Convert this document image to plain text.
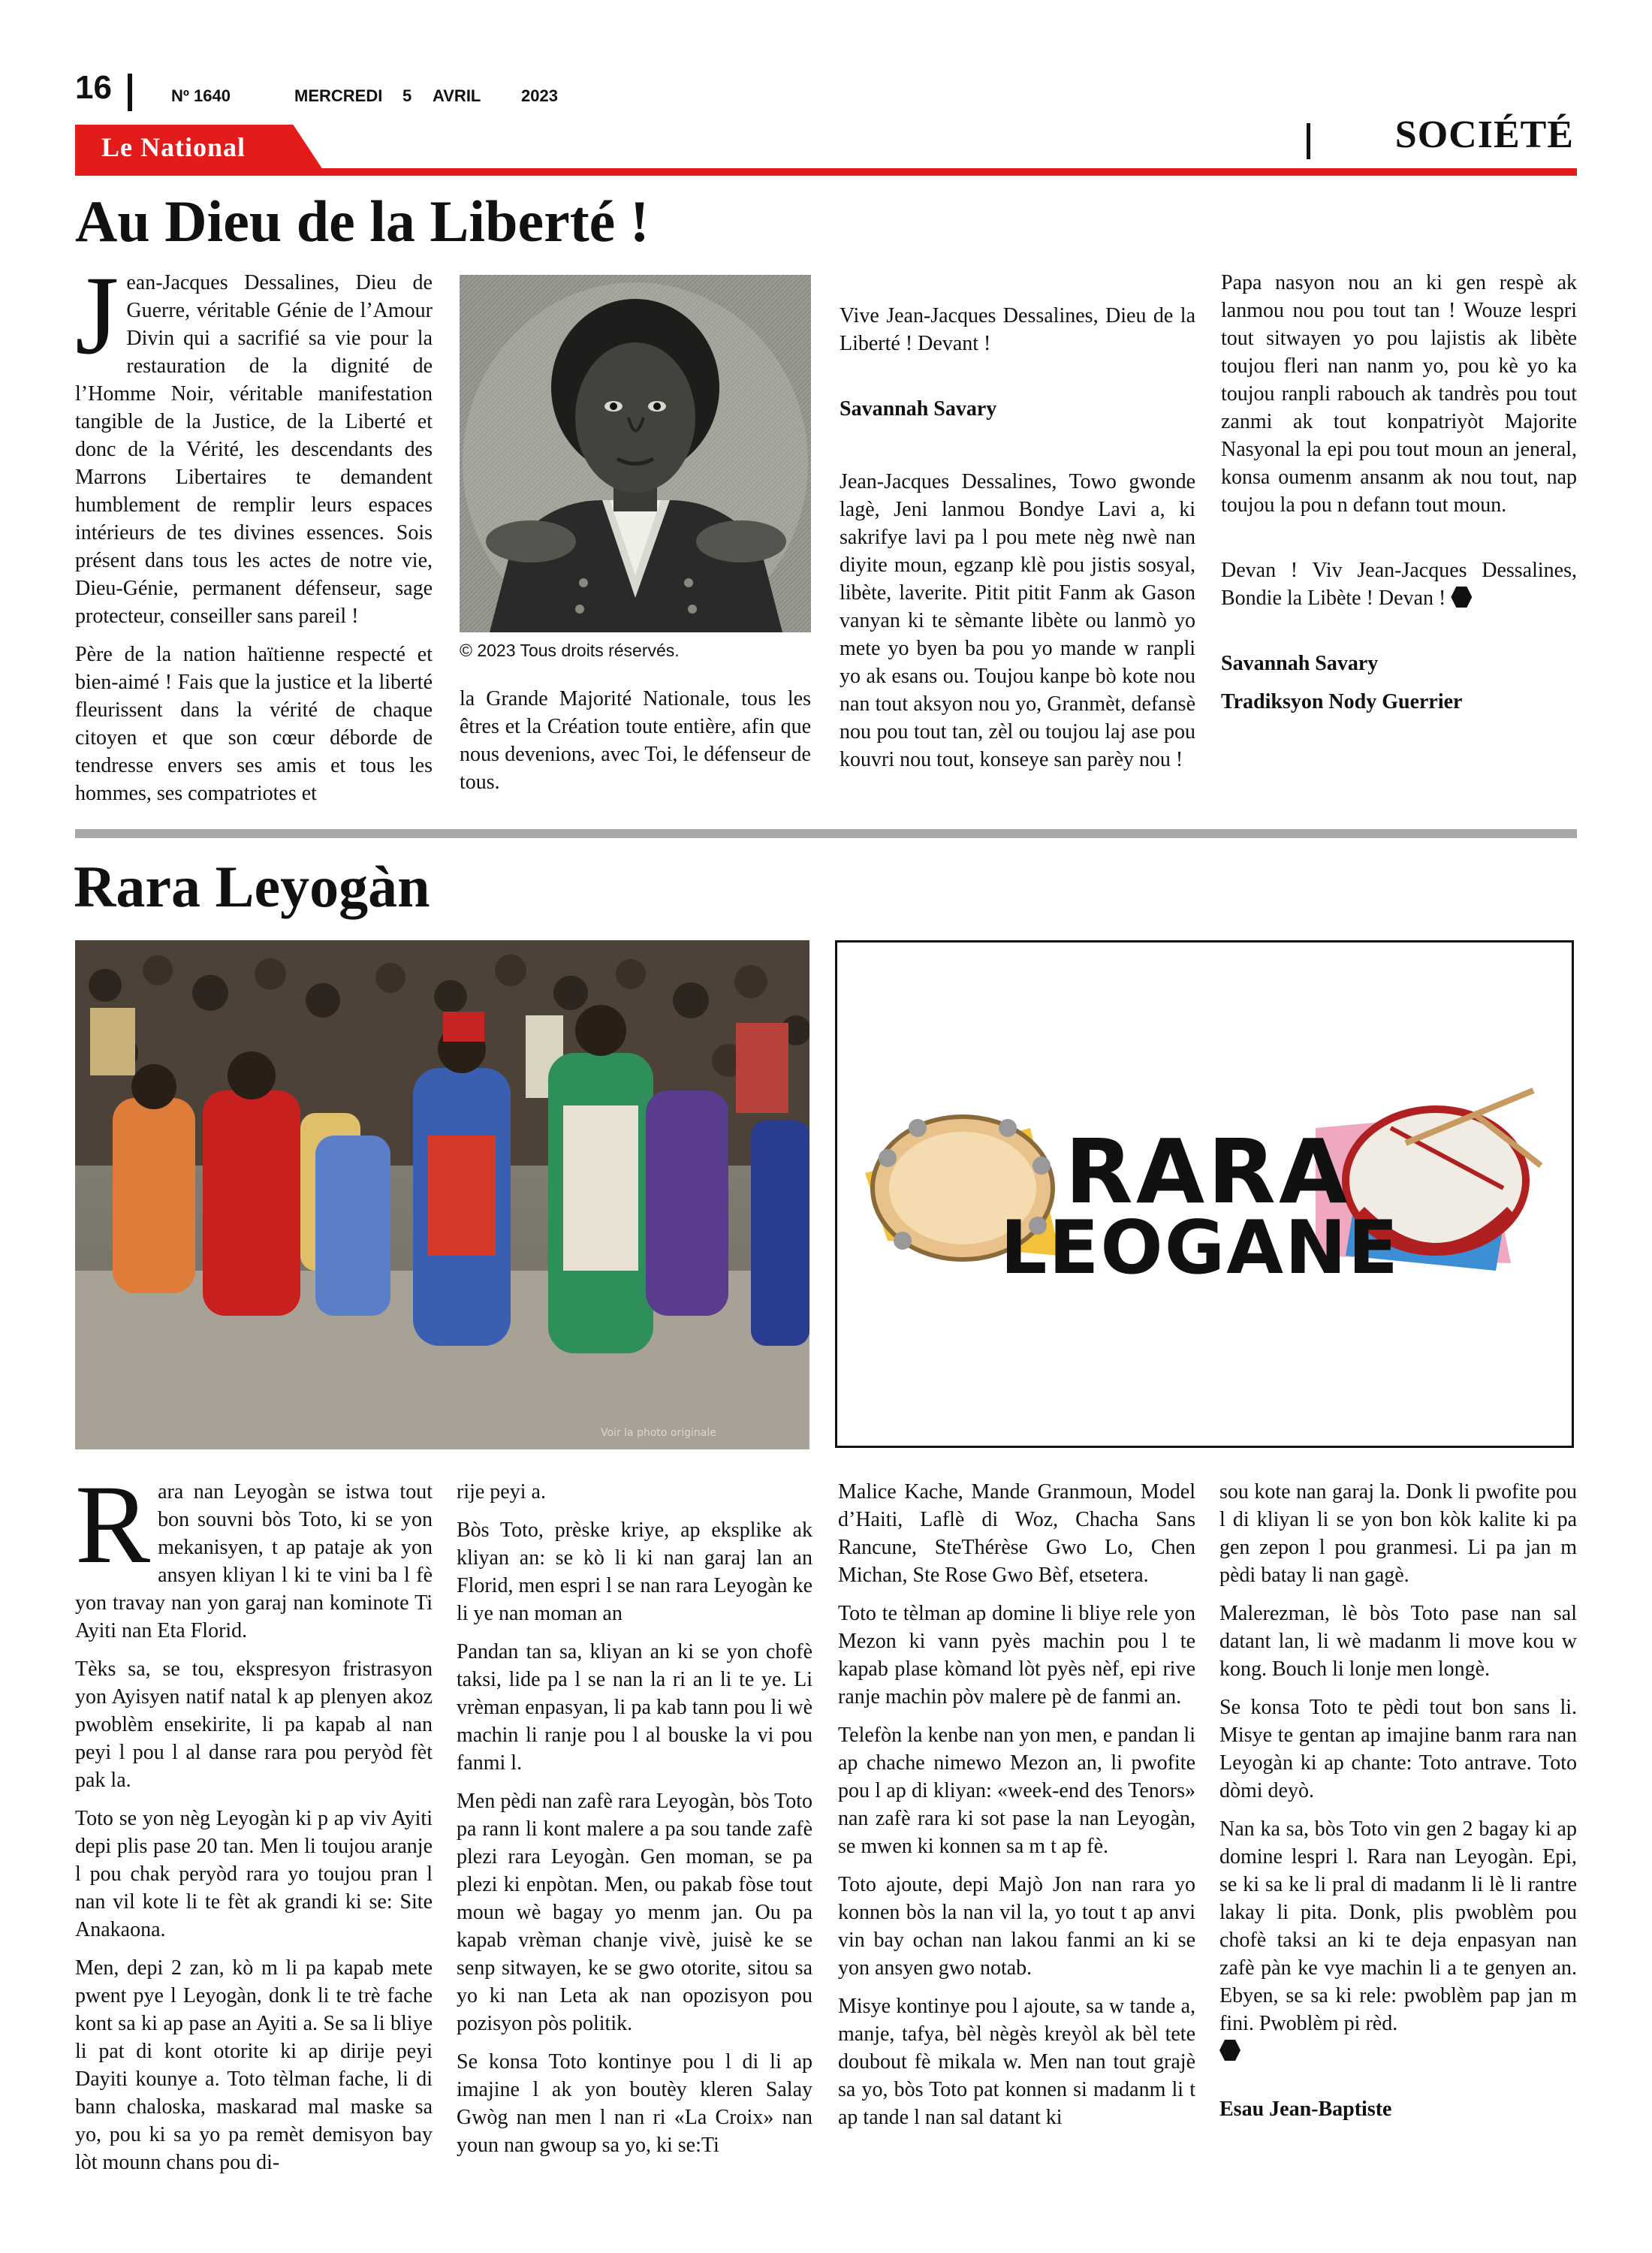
16	Nº 1640	MERCREDI 5 AVRIL 2023
Le National	SOCIÉTÉ
Au Dieu de la Liberté !

Jean-Jacques Dessalines, Dieu de Guerre, véritable Génie de l’Amour Divin qui a sacrifié sa vie pour la restauration de la dignité de l’Homme Noir, véritable manifestation tangible de la Justice, de la Liberté et donc de la Vérité, les descendants des Marrons Libertaires te demandent humblement de remplir leurs espaces intérieurs de tes divines essences. Sois présent dans tous les actes de notre vie, Dieu-Génie, permanent défenseur, sage protecteur, conseiller sans pareil !

Père de la nation haïtienne respecté et bien-aimé ! Fais que la justice et la liberté fleurissent dans la vérité de chaque citoyen et que son cœur déborde de tendresse envers ses amis et tous les hommes, ses compatriotes et

© 2023 Tous droits réservés.

la Grande Majorité Nationale, tous les êtres et la Création toute entière, afin que nous devenions, avec Toi, le défenseur de tous.

Vive Jean-Jacques Dessalines, Dieu de la Liberté ! Devant !

Savannah Savary

Jean-Jacques Dessalines, Towo gwonde lagè, Jeni lanmou Bondye Lavi a, ki sakrifye lavi pa l pou mete nèg nwè nan diyite moun, egzanp klè pou jistis sosyal, libète, laverite. Pitit pitit Fanm ak Gason vanyan ki te sèmante libète ou lanmò yo mete yo byen ba pou yo mande w ranpli yo ak esans ou. Toujou kanpe bò kote nou nan tout aksyon nou yo, Granmèt, defansè nou pou tout tan, zèl ou toujou laj ase pou kouvri nou tout, konseye san parèy nou !

Papa nasyon nou an ki gen respè ak lanmou nou pou tout tan ! Wouze lespri tout sitwayen yo pou lajistis ak libète toujou fleri nan nanm yo, pou kè yo ka toujou ranpli rabouch ak tandrès pou tout zanmi ak tout konpatriyòt Majorite Nasyonal la epi pou tout moun an jeneral, konsa oumenm ansanm ak nou tout, nap toujou la pou n defann tout moun.

Devan ! Viv Jean-Jacques Dessalines, Bondie la Libète ! Devan !

Savannah Savary

Tradiksyon Nody Guerrier

Rara Leyogàn
Voir la photo originale
RARA
LEOGANE

Rara nan Leyogàn se istwa tout bon souvni bòs Toto, ki se yon mekanisyen, t ap pataje ak yon ansyen kliyan l ki te vini ba l fè yon travay nan yon garaj nan kominote Ti Ayiti nan Eta Florid.

Tèks sa, se tou, ekspresyon fristrasyon yon Ayisyen natif natal k ap plenyen akoz pwoblèm ensekirite, li pa kapab al nan peyi l pou l al danse rara pou peryòd fèt pak la.

Toto se yon nèg Leyogàn ki p ap viv Ayiti depi plis pase 20 tan. Men li toujou aranje l pou chak peryòd rara yo toujou pran l nan vil kote li te fèt ak grandi ki se: Site Anakaona.

Men, depi 2 zan, kò m li pa kapab mete pwent pye l Leyogàn, donk li te trè fache kont sa ki ap pase an Ayiti a. Se sa li bliye li pat di kont otorite ki ap dirije peyi Dayiti kounye a. Toto tèlman fache, li di bann chaloska, maskarad mal maske sa yo, pou ki sa yo pa remèt demisyon bay lòt mounn chans pou di-

rije peyi a.

Bòs Toto, prèske kriye, ap eksplike ak kliyan an: se kò li ki nan garaj lan an Florid, men espri l se nan rara Leyogàn ke li ye nan moman an

Pandan tan sa, kliyan an ki se yon chofè taksi, lide pa l se nan la ri an li te ye. Li vrèman enpasyan, li pa kab tann pou li wè machin li ranje pou l al bouske la vi pou fanmi l.

Men pèdi nan zafè rara Leyogàn, bòs Toto pa rann li kont malere a pa sou tande zafè plezi rara Leyogàn. Gen moman, se pa plezi ki enpòtan. Men, ou pakab fòse tout moun wè bagay yo menm jan. Ou pa kapab vrèman chanje vivè, juisè ke se senp sitwayen, ke se gwo otorite, sitou sa yo ki nan Leta ak nan opozisyon pou pozisyon pòs politik.

Se konsa Toto kontinye pou l di li ap imajine l ak yon boutèy kleren Salay Gwòg nan men l nan ri «La Croix» nan youn nan gwoup sa yo, ki se:Ti

Malice Kache, Mande Granmoun, Model d’Haiti, Laflè di Woz, Chacha Sans Rancune, SteThérèse Gwo Lo, Chen Michan, Ste Rose Gwo Bèf, etsetera.

Toto te tèlman ap domine li bliye rele yon Mezon ki vann pyès machin pou l te kapab plase kòmand lòt pyès nèf, epi rive ranje machin pòv malere pè de fanmi an.

Telefòn la kenbe nan yon men, e pandan li ap chache nimewo Mezon an, li pwofite pou l ap di kliyan: «week-end des Tenors» nan zafè rara ki sot pase la nan Leyogàn, se mwen ki konnen sa m t ap fè.

Toto ajoute, depi Majò Jon nan rara yo konnen bòs la nan vil la, yo tout t ap anvi vin bay ochan nan lakou fanmi an ki se yon ansyen gwo notab.

Misye kontinye pou l ajoute, sa w tande a, manje, tafya, bèl nègès kreyòl ak bèl tete doubout fè mikala w. Men nan tout grajè sa yo, bòs Toto pat konnen si madanm li t ap tande l nan sal datant ki

sou kote nan garaj la. Donk li pwofite pou l di kliyan li se yon bon kòk kalite ki pa gen zepon l pou granmesi. Li pa jan m pèdi batay li nan gagè.

Malerezman, lè bòs Toto pase nan sal datant lan, li wè madanm li move kou w kong. Bouch li lonje men longè.

Se konsa Toto te pèdi tout bon sans li. Misye te gentan ap imajine banm rara nan Leyogàn ki ap chante: Toto antrave. Toto dòmi deyò.

Nan ka sa, bòs Toto vin gen 2 bagay ki ap domine lespri l. Rara nan Leyogàn. Epi, se ki sa ke li pral di madanm li lè li rantre lakay li pita. Donk, plis pwoblèm pou chofè taksi an ki te deja enpasyan nan zafè pàn ke vye machin li a te genyen an. Ebyen, se sa ki rele: pwoblèm pap jan m fini. Pwoblèm pi rèd.

Esau Jean-Baptiste
